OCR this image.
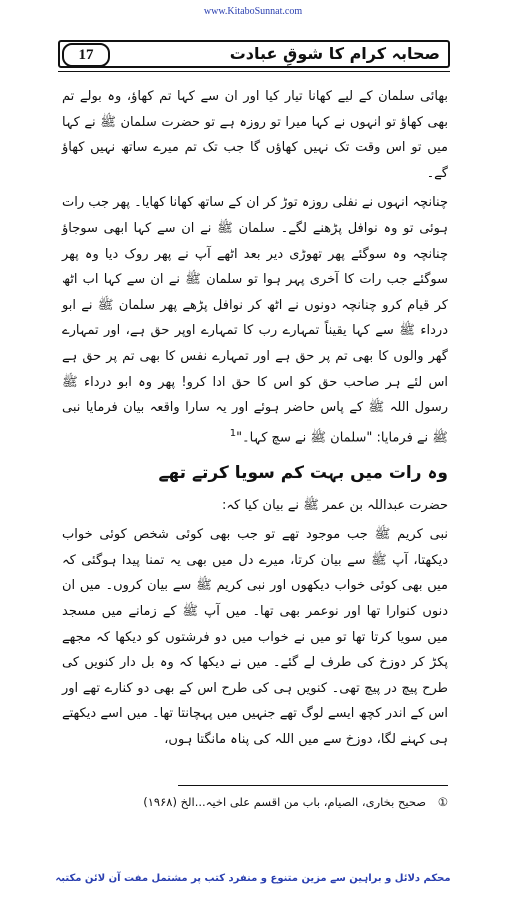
www.KitaboSunnat.com
17	صحابہ کرام کا شوقِ عبادت

بھائی سلمان کے لیے کھانا تیار کیا اور ان سے کہا تم کھاؤ، وہ بولے تم بھی کھاؤ تو انہوں نے کہا میرا تو روزہ ہے تو حضرت سلمان ﷺ نے کہا میں تو اس وقت تک نہیں کھاؤں گا جب تک تم میرے ساتھ نہیں کھاؤ گے۔

چنانچہ انہوں نے نفلی روزہ توڑ کر ان کے ساتھ کھانا کھایا۔ پھر جب رات ہوئی تو وہ نوافل پڑھنے لگے۔ سلمان ﷺ نے ان سے کہا ابھی سوجاؤ چنانچہ وہ سوگئے پھر تھوڑی دیر بعد اٹھے آپ نے پھر روک دیا وہ پھر سوگئے جب رات کا آخری پہر ہوا تو سلمان ﷺ نے ان سے کہا اب اٹھ کر قیام کرو چنانچہ دونوں نے اٹھ کر نوافل پڑھے پھر سلمان ﷺ نے ابو درداء ﷺ سے کہا یقیناً تمہارے رب کا تمہارے اوپر حق ہے، اور تمہارے گھر والوں کا بھی تم پر حق ہے اور تمہارے نفس کا بھی تم پر حق ہے اس لئے ہر صاحب حق کو اس کا حق ادا کرو! پھر وہ ابو درداء ﷺ رسول اللہ ﷺ کے پاس حاضر ہوئے اور یہ سارا واقعہ بیان فرمایا نبی ﷺ نے فرمایا: "سلمان ﷺ نے سچ کہا۔"$^1$

وہ رات میں بہت کم سویا کرتے تھے

حضرت عبداللہ بن عمر ﷺ نے بیان کیا کہ:

نبی کریم ﷺ جب موجود تھے تو جب بھی کوئی شخص کوئی خواب دیکھتا، آپ ﷺ سے بیان کرتا، میرے دل میں بھی یہ تمنا پیدا ہوگئی کہ میں بھی کوئی خواب دیکھوں اور نبی کریم ﷺ سے بیان کروں۔ میں ان دنوں کنوارا تھا اور نوعمر بھی تھا۔ میں آپ ﷺ کے زمانے میں مسجد میں سویا کرتا تھا تو میں نے خواب میں دو فرشتوں کو دیکھا کہ مجھے پکڑ کر دوزخ کی طرف لے گئے۔ میں نے دیکھا کہ وہ بل دار کنویں کی طرح پیچ در پیچ تھی۔ کنویں ہی کی طرح اس کے بھی دو کنارے تھے اور اس کے اندر کچھ ایسے لوگ تھے جنہیں میں پہچانتا تھا۔ میں اسے دیکھتے ہی کہنے لگا، دوزخ سے میں اللہ کی پناہ مانگتا ہوں،

① صحیح بخاری، الصیام، باب من اقسم علی اخیہ...الخ (۱۹۶۸)
محکم دلائل و براہین سے مزین متنوع و منفرد کتب پر مشتمل مفت آن لائن مکتبہ
